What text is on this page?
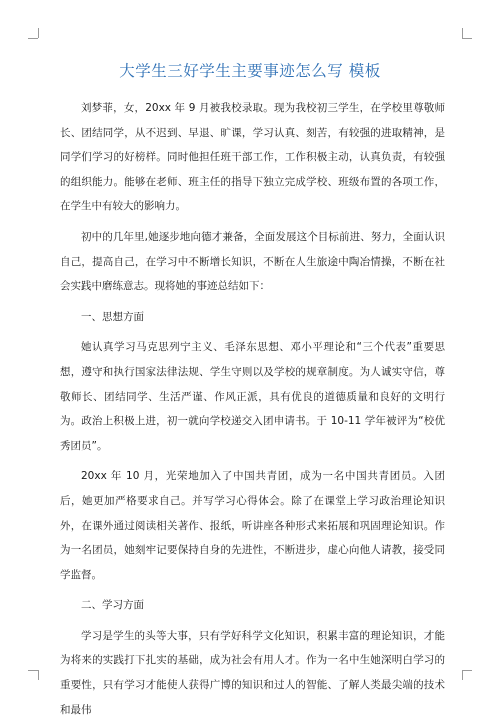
大学生三好学生主要事迹怎么写 模板

刘梦菲，女，20xx 年 9 月被我校录取。现为我校初三学生，在学校里尊敬师长、团结同学，从不迟到、早退、旷课，学习认真、刻苦，有较强的进取精神，是同学们学习的好榜样。同时他担任班干部工作，工作积极主动，认真负责，有较强的组织能力。能够在老师、班主任的指导下独立完成学校、班级布置的各项工作，在学生中有较大的影响力。

初中的几年里,她逐步地向德才兼备，全面发展这个目标前进、努力，全面认识自己，提高自己，在学习中不断增长知识，不断在人生旅途中陶冶情操，不断在社会实践中磨练意志。现将她的事迹总结如下：

一、思想方面

她认真学习马克思列宁主义、毛泽东思想、邓小平理论和“三个代表”重要思想，遵守和执行国家法律法规、学生守则以及学校的规章制度。为人诚实守信，尊敬师长、团结同学、生活严谨、作风正派，具有优良的道德质量和良好的文明行为。政治上积极上进，初一就向学校递交入团申请书。于 10-11 学年被评为“校优秀团员”。

20xx 年 10 月，光荣地加入了中国共青团，成为一名中国共青团员。入团后，她更加严格要求自己。并写学习心得体会。除了在课堂上学习政治理论知识外，在课外通过阅读相关著作、报纸，听讲座各种形式来拓展和巩固理论知识。作为一名团员，她刻牢记要保持自身的先进性，不断进步，虚心向他人请教，接受同学监督。

二、学习方面

学习是学生的头等大事，只有学好科学文化知识，积累丰富的理论知识，才能为将来的实践打下扎实的基础，成为社会有用人才。作为一名中生她深明白学习的重要性，只有学习才能使人获得广博的知识和过人的智能、了解人类最尖端的技术和最伟
